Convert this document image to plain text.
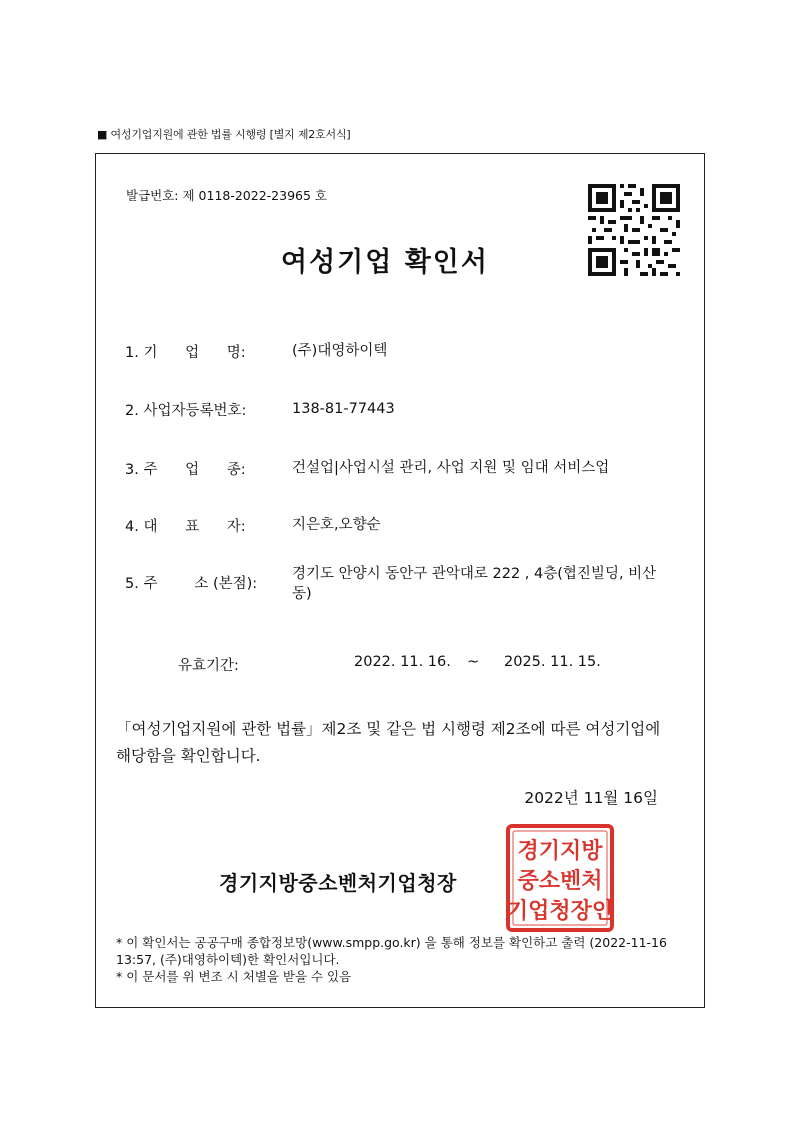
■ 여성기업지원에 관한 법률 시행령 [별지 제2호서식]
발급번호: 제 0118-2022-23965 호
여성기업 확인서
1. 기      업      명:	(주)대영하이텍
2. 사업자등록번호:	138-81-77443
3. 주      업      종:	건설업|사업시설 관리, 사업 지원 및 임대 서비스업
4. 대      표      자:	지은호,오향순
5. 주        소 (본점):
경기도 안양시 동안구 관악대로 222 , 4층(협진빌딩, 비산동)
유효기간:	2022. 11. 16. ~ 2025. 11. 15.
「여성기업지원에 관한 법률」제2조 및 같은 법 시행령 제2조에 따른 여성기업에 해당함을 확인합니다.
2022년 11월 16일
경기지방중소벤처기업청장
경기지방
중소벤처
기업청장인
* 이 확인서는 공공구매 종합정보망(www.smpp.go.kr) 을 통해 정보를 확인하고 출력 (2022-11-16 13:57, (주)대영하이텍)한 확인서입니다.
* 이 문서를 위 변조 시 처별을 받을 수 있음
